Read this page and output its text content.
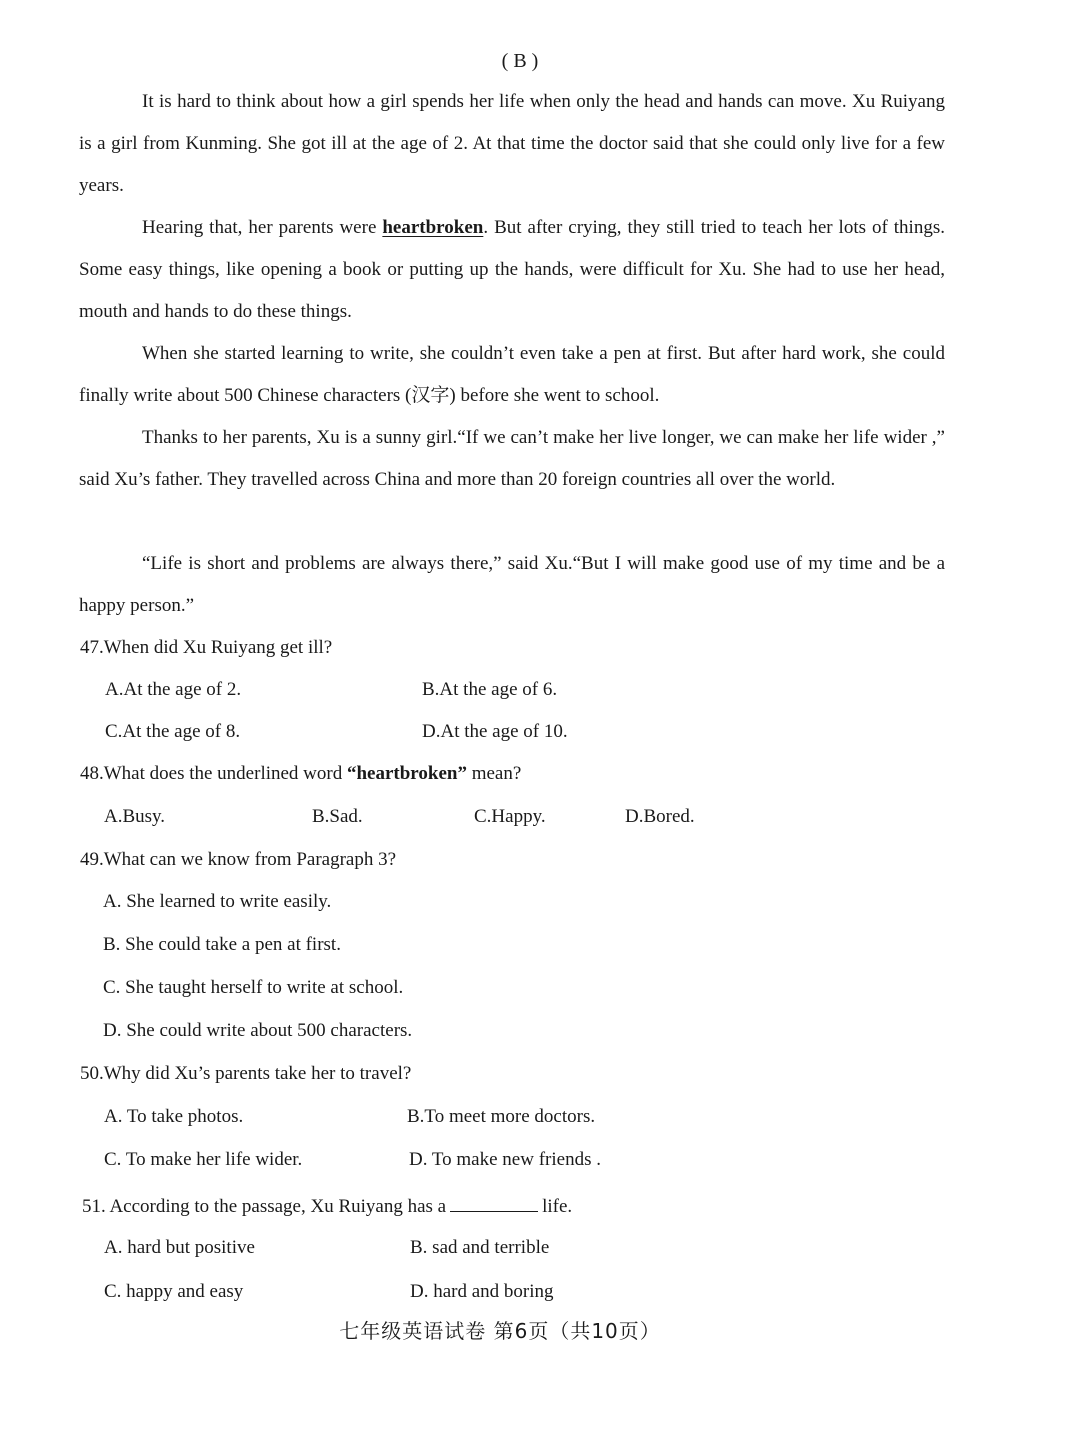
( B )

It is hard to think about how a girl spends her life when only the head and hands can move. Xu Ruiyang is a girl from Kunming. She got ill at the age of 2. At that time the doctor said that she could only live for a few years.

Hearing that, her parents were heartbroken. But after crying, they still tried to teach her lots of things. Some easy things, like opening a book or putting up the hands, were difficult for Xu. She had to use her head, mouth and hands to do these things.

When she started learning to write, she couldn’t even take a pen at first. But after hard work, she could finally write about 500 Chinese characters (汉字) before she went to school.

Thanks to her parents, Xu is a sunny girl.“If we can’t make her live longer, we can make her life wider ,” said Xu’s father. They travelled across China and more than 20 foreign countries all over the world.

“Life is short and problems are always there,” said Xu.“But I will make good use of my time and be a happy person.”

47.When did Xu Ruiyang get ill?
A.At the age of 2.	B.At the age of 6.
C.At the age of 8.	D.At the age of 10.
48.What does the underlined word “heartbroken” mean?
A.Busy.	B.Sad.	C.Happy.	D.Bored.
49.What can we know from Paragraph 3?
A. She learned to write easily.
B. She could take a pen at first.
C. She taught herself to write at school.
D. She could write about 500 characters.
50.Why did Xu’s parents take her to travel?
A. To take photos.	B.To meet more doctors.
C. To make her life wider.	D. To make new friends .
51. According to the passage, Xu Ruiyang has a	life.
A. hard but positive	B. sad and terrible
C. happy and easy	D. hard and boring
七年级英语试卷 第6页（共10页）
